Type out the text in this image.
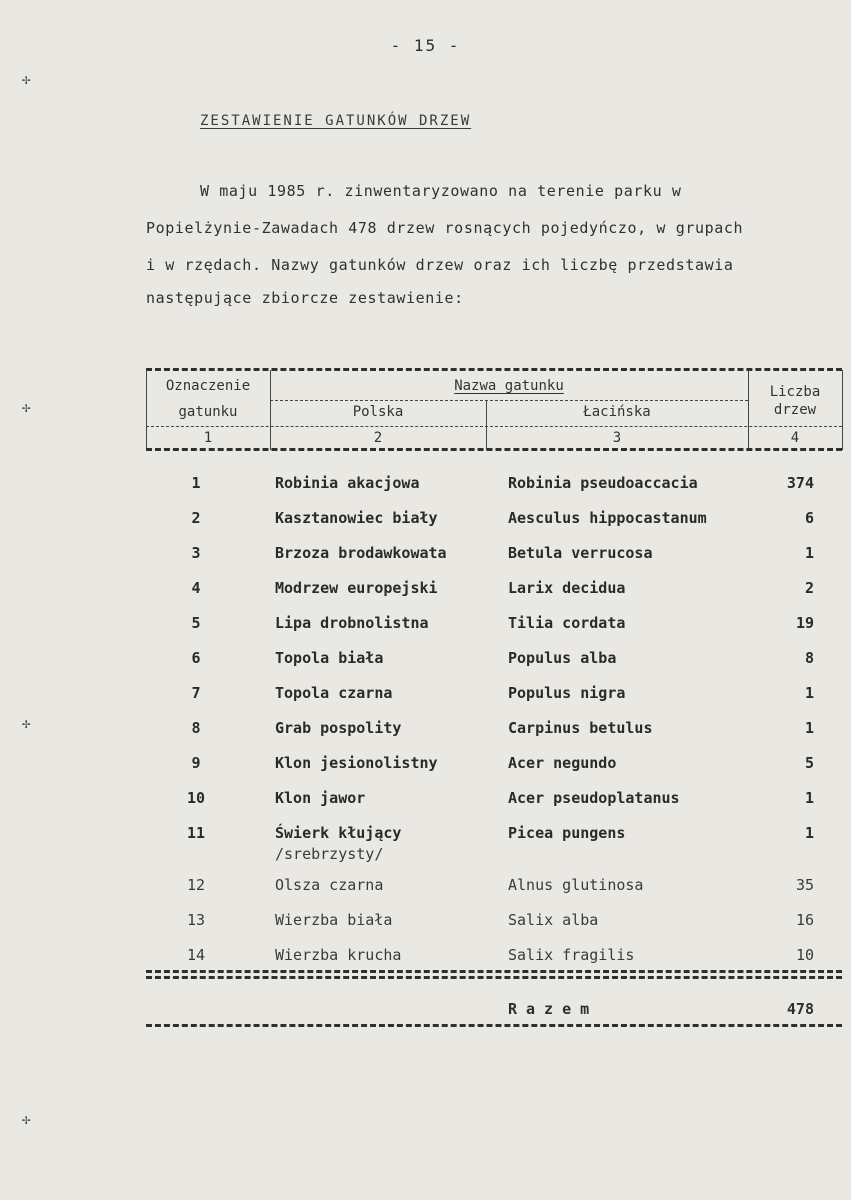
- 15 -
ZESTAWIENIE GATUNKÓW DRZEW
W maju 1985 r. zinwentaryzowano na terenie parku w
Popielżynie-Zawadach 478 drzew rosnących pojedyńczo, w grupach
i w rzędach. Nazwy gatunków drzew oraz ich liczbę przedstawia
następujące zbiorcze zestawienie:
Oznaczenie
gatunku
Nazwa gatunku
Polska	Łacińska
Liczba
drzew
1	2	3	4
1	Robinia akacjowa	Robinia pseudoaccacia	374
2	Kasztanowiec biały	Aesculus hippocastanum	6
3	Brzoza brodawkowata	Betula verrucosa	1
4	Modrzew europejski	Larix decidua	2
5	Lipa drobnolistna	Tilia cordata	19
6	Topola biała	Populus alba	8
7	Topola czarna	Populus nigra	1
8	Grab pospolity	Carpinus betulus	1
9	Klon jesionolistny	Acer negundo	5
10	Klon jawor	Acer pseudoplatanus	1
11	Świerk kłujący
/srebrzysty/
Picea pungens	1
12	Olsza czarna	Alnus glutinosa	35
13	Wierzba biała	Salix alba	16
14	Wierzba krucha	Salix fragilis	10
Razem	478
✢
✢
✢
✢
